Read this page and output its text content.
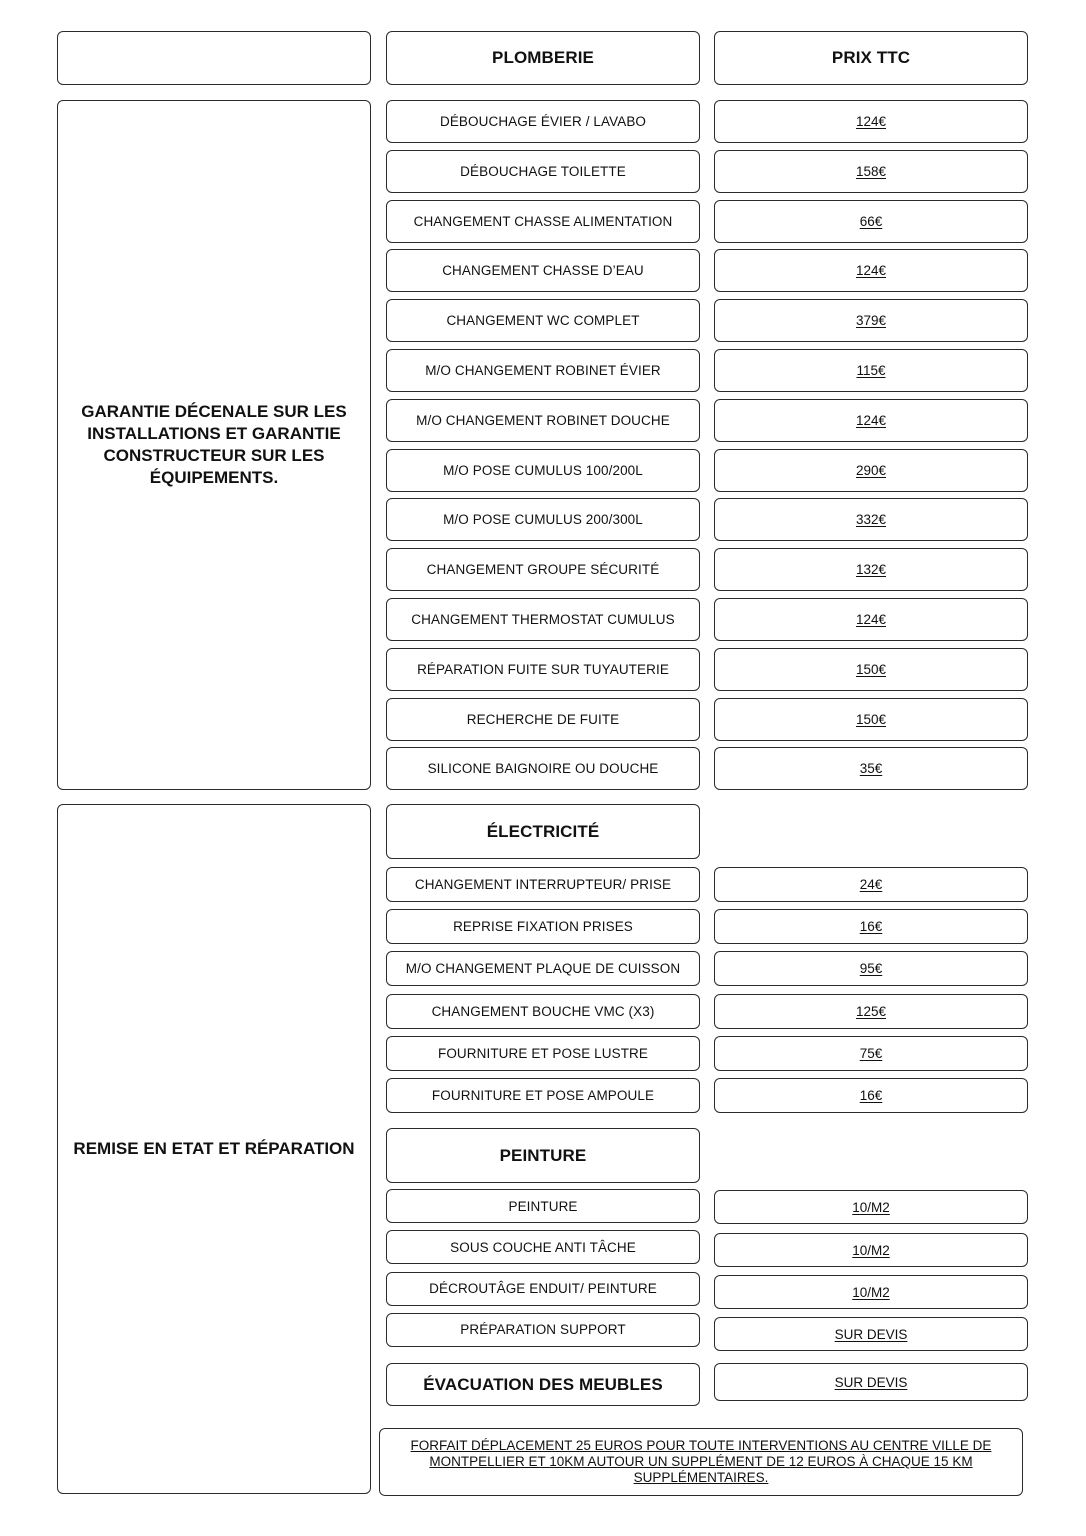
PLOMBERIE	PRIX TTC
GARANTIE DÉCENALE SUR LES INSTALLATIONS ET GARANTIE CONSTRUCTEUR SUR LES ÉQUIPEMENTS.
REMISE EN ETAT ET RÉPARATION
DÉBOUCHAGE ÉVIER / LAVABO	124€
DÉBOUCHAGE TOILETTE	158€
CHANGEMENT CHASSE ALIMENTATION	66€
CHANGEMENT CHASSE D’EAU	124€
CHANGEMENT WC COMPLET	379€
M/O CHANGEMENT ROBINET ÉVIER	115€
M/O CHANGEMENT ROBINET DOUCHE	124€
M/O POSE CUMULUS 100/200L	290€
M/O POSE CUMULUS 200/300L	332€
CHANGEMENT GROUPE SÉCURITÉ	132€
CHANGEMENT THERMOSTAT CUMULUS	124€
RÉPARATION FUITE SUR TUYAUTERIE	150€
RECHERCHE DE FUITE	150€
SILICONE BAIGNOIRE OU DOUCHE	35€
ÉLECTRICITÉ
CHANGEMENT INTERRUPTEUR/ PRISE	24€
REPRISE FIXATION PRISES	16€
M/O CHANGEMENT PLAQUE DE CUISSON	95€
CHANGEMENT BOUCHE VMC (X3)	125€
FOURNITURE ET POSE LUSTRE	75€
FOURNITURE ET POSE AMPOULE	16€
PEINTURE
PEINTURE	10/M2
SOUS COUCHE ANTI TÂCHE	10/M2
DÉCROUTÂGE ENDUIT/ PEINTURE	10/M2
PRÉPARATION SUPPORT	SUR DEVIS
ÉVACUATION DES MEUBLES	SUR DEVIS
FORFAIT DÉPLACEMENT 25 EUROS POUR TOUTE INTERVENTIONS AU CENTRE VILLE DE MONTPELLIER ET 10KM AUTOUR UN SUPPLÉMENT DE 12 EUROS À CHAQUE 15 KM SUPPLÉMENTAIRES.
